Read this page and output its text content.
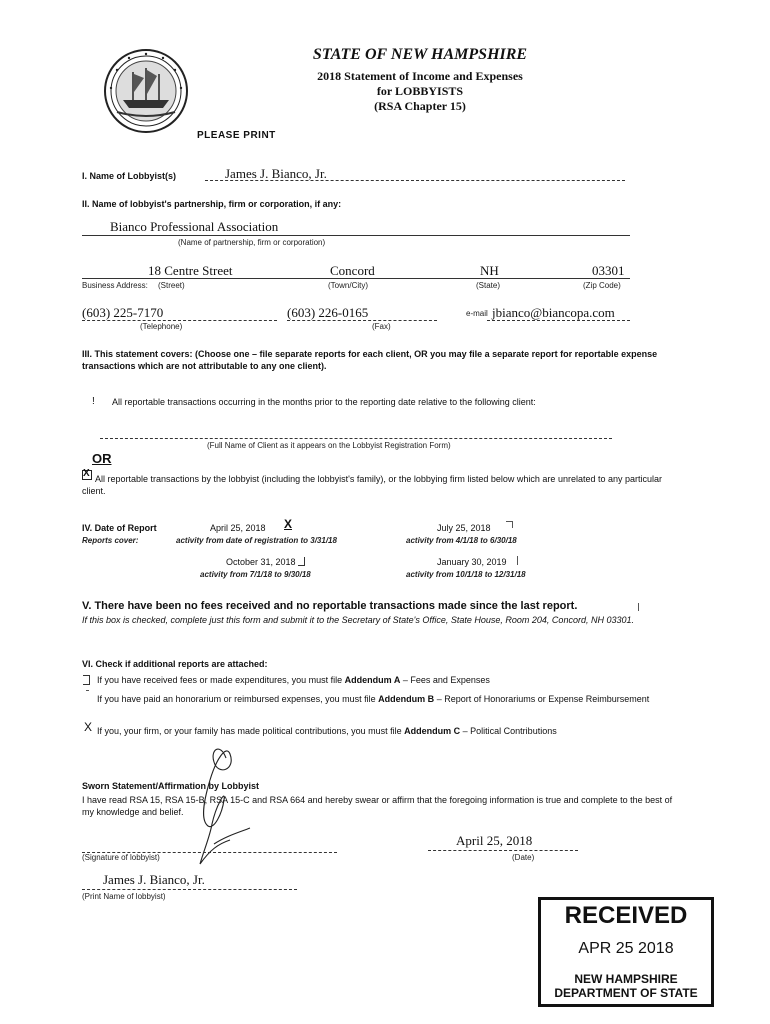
STATE OF NEW HAMPSHIRE
2018 Statement of Income and Expenses
for LOBBYISTS
(RSA Chapter 15)
PLEASE PRINT
I. Name of Lobbyist(s)	James J. Bianco, Jr.
II. Name of lobbyist's partnership, firm or corporation, if any:
Bianco Professional Association
(Name of partnership, firm or corporation)
18 Centre Street	Concord	NH	03301
Business Address: (Street)	(Town/City)	(State)	(Zip Code)
(603) 225-7170	(603) 226-0165	e-mail jbianco@biancopa.com
(Telephone)	(Fax)
III. This statement covers: (Choose one – file separate reports for each client, OR you may file a separate report for reportable expense transactions which are not attributable to any one client).
! All reportable transactions occurring in the months prior to the reporting date relative to the following client:
(Full Name of Client as it appears on the Lobbyist Registration Form)
OR
X All reportable transactions by the lobbyist (including the lobbyist's family), or the lobbying firm listed below which are unrelated to any particular client.
IV. Date of Report
Reports cover:
April 25, 2018 X
activity from date of registration to 3/31/18
July 25, 2018
activity from 4/1/18 to 6/30/18
October 31, 2018
activity from 7/1/18 to 9/30/18
January 30, 2019
activity from 10/1/18 to 12/31/18
V. There have been no fees received and no reportable transactions made since the last report.
If this box is checked, complete just this form and submit it to the Secretary of State's Office, State House, Room 204, Concord, NH 03301.
VI. Check if additional reports are attached:
If you have received fees or made expenditures, you must file Addendum A – Fees and Expenses
If you have paid an honorarium or reimbursed expenses, you must file Addendum B – Report of Honorariums or Expense Reimbursement
X If you, your firm, or your family has made political contributions, you must file Addendum C – Political Contributions
Sworn Statement/Affirmation by Lobbyist
I have read RSA 15, RSA 15-B, RSA 15-C and RSA 664 and hereby swear or affirm that the foregoing information is true and complete to the best of my knowledge and belief.
(Signature of lobbyist)
April 25, 2018
(Date)
James J. Bianco, Jr.
(Print Name of lobbyist)
RECEIVED
APR 25 2018
NEW HAMPSHIRE
DEPARTMENT OF STATE
